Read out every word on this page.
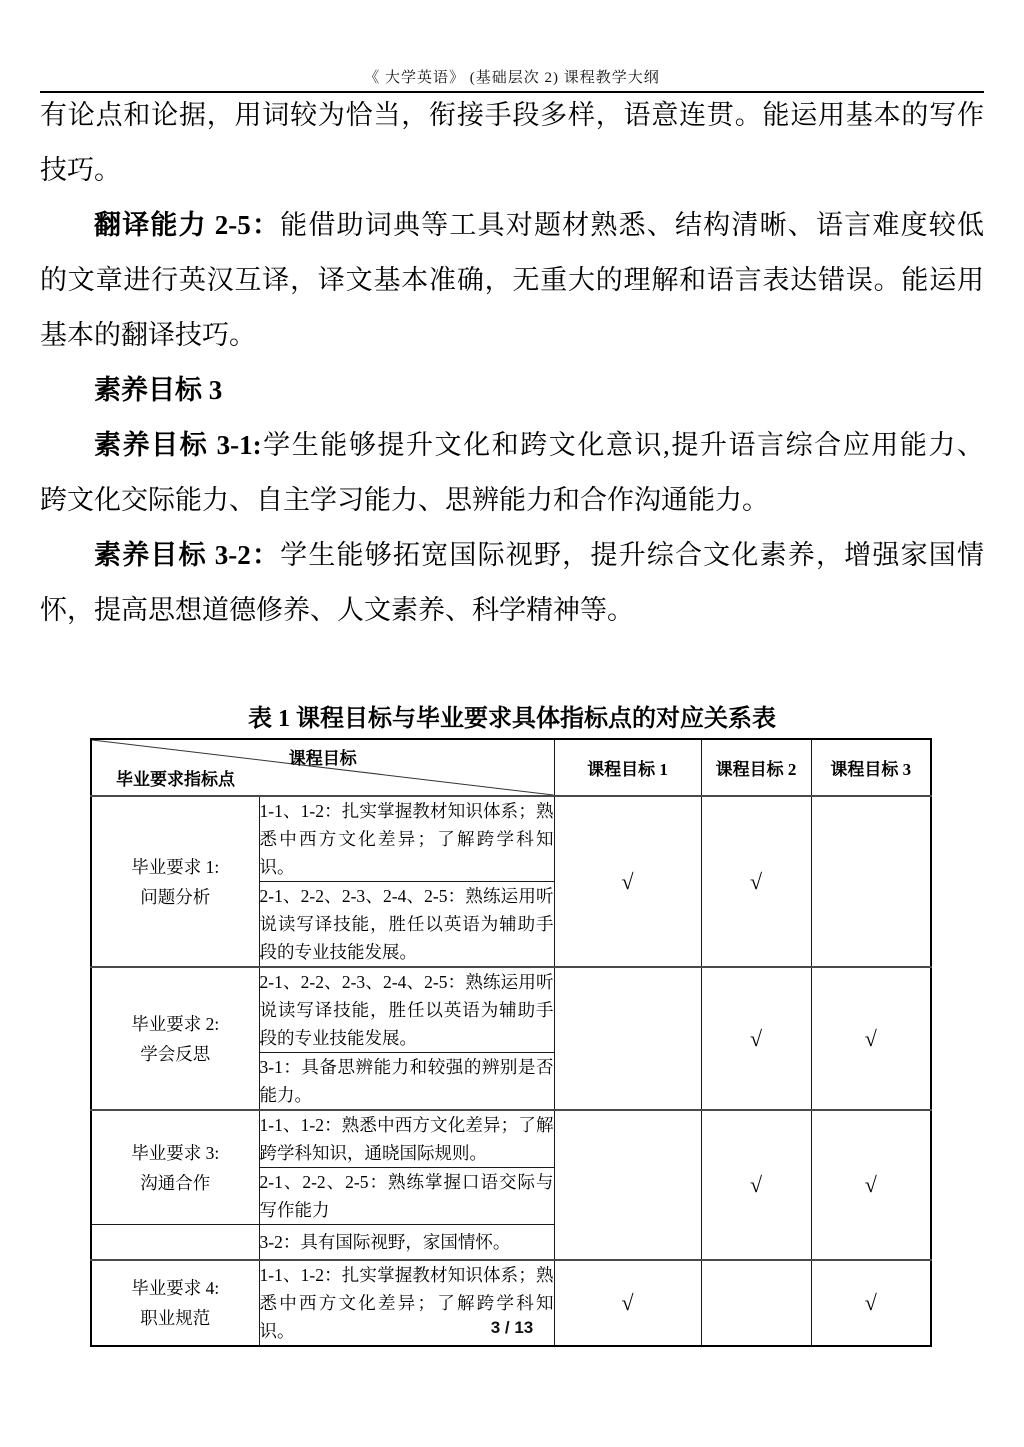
《 大学英语》 (基础层次 2) 课程教学大纲
有论点和论据，用词较为恰当，衔接手段多样，语意连贯。能运用基本的写作
技巧。
翻译能力 2-5：能借助词典等工具对题材熟悉、结构清晰、语言难度较低
的文章进行英汉互译，译文基本准确，无重大的理解和语言表达错误。能运用
基本的翻译技巧。
素养目标 3
素养目标 3-1:学生能够提升文化和跨文化意识,提升语言综合应用能力、
跨文化交际能力、自主学习能力、思辨能力和合作沟通能力。
素养目标 3-2：学生能够拓宽国际视野，提升综合文化素养，增强家国情
怀，提高思想道德修养、人文素养、科学精神等。
表 1 课程目标与毕业要求具体指标点的对应关系表
课程目标
毕业要求指标点		课程目标 1	课程目标 2	课程目标 3

毕业要求 1:
问题分析	1-1、1-2：扎实掌握教材知识体系；熟悉中西方文化差异；了解跨学科知识。	√	√	
	2-1、2-2、2-3、2-4、2-5：熟练运用听说读写译技能，胜任以英语为辅助手段的专业技能发展。			

毕业要求 2:
学会反思	2-1、2-2、2-3、2-4、2-5：熟练运用听说读写译技能，胜任以英语为辅助手段的专业技能发展。		√	√
	3-1：具备思辨能力和较强的辨别是否能力。			

毕业要求 3:
沟通合作	1-1、1-2：熟悉中西方文化差异；了解跨学科知识，通晓国际规则。		√	√
	2-1、2-2、2-5：熟练掌握口语交际与写作能力			
	3-2：具有国际视野，家国情怀。			

毕业要求 4:
职业规范	1-1、1-2：扎实掌握教材知识体系；熟悉中西方文化差异；了解跨学科知识。	√		√
3 / 13
